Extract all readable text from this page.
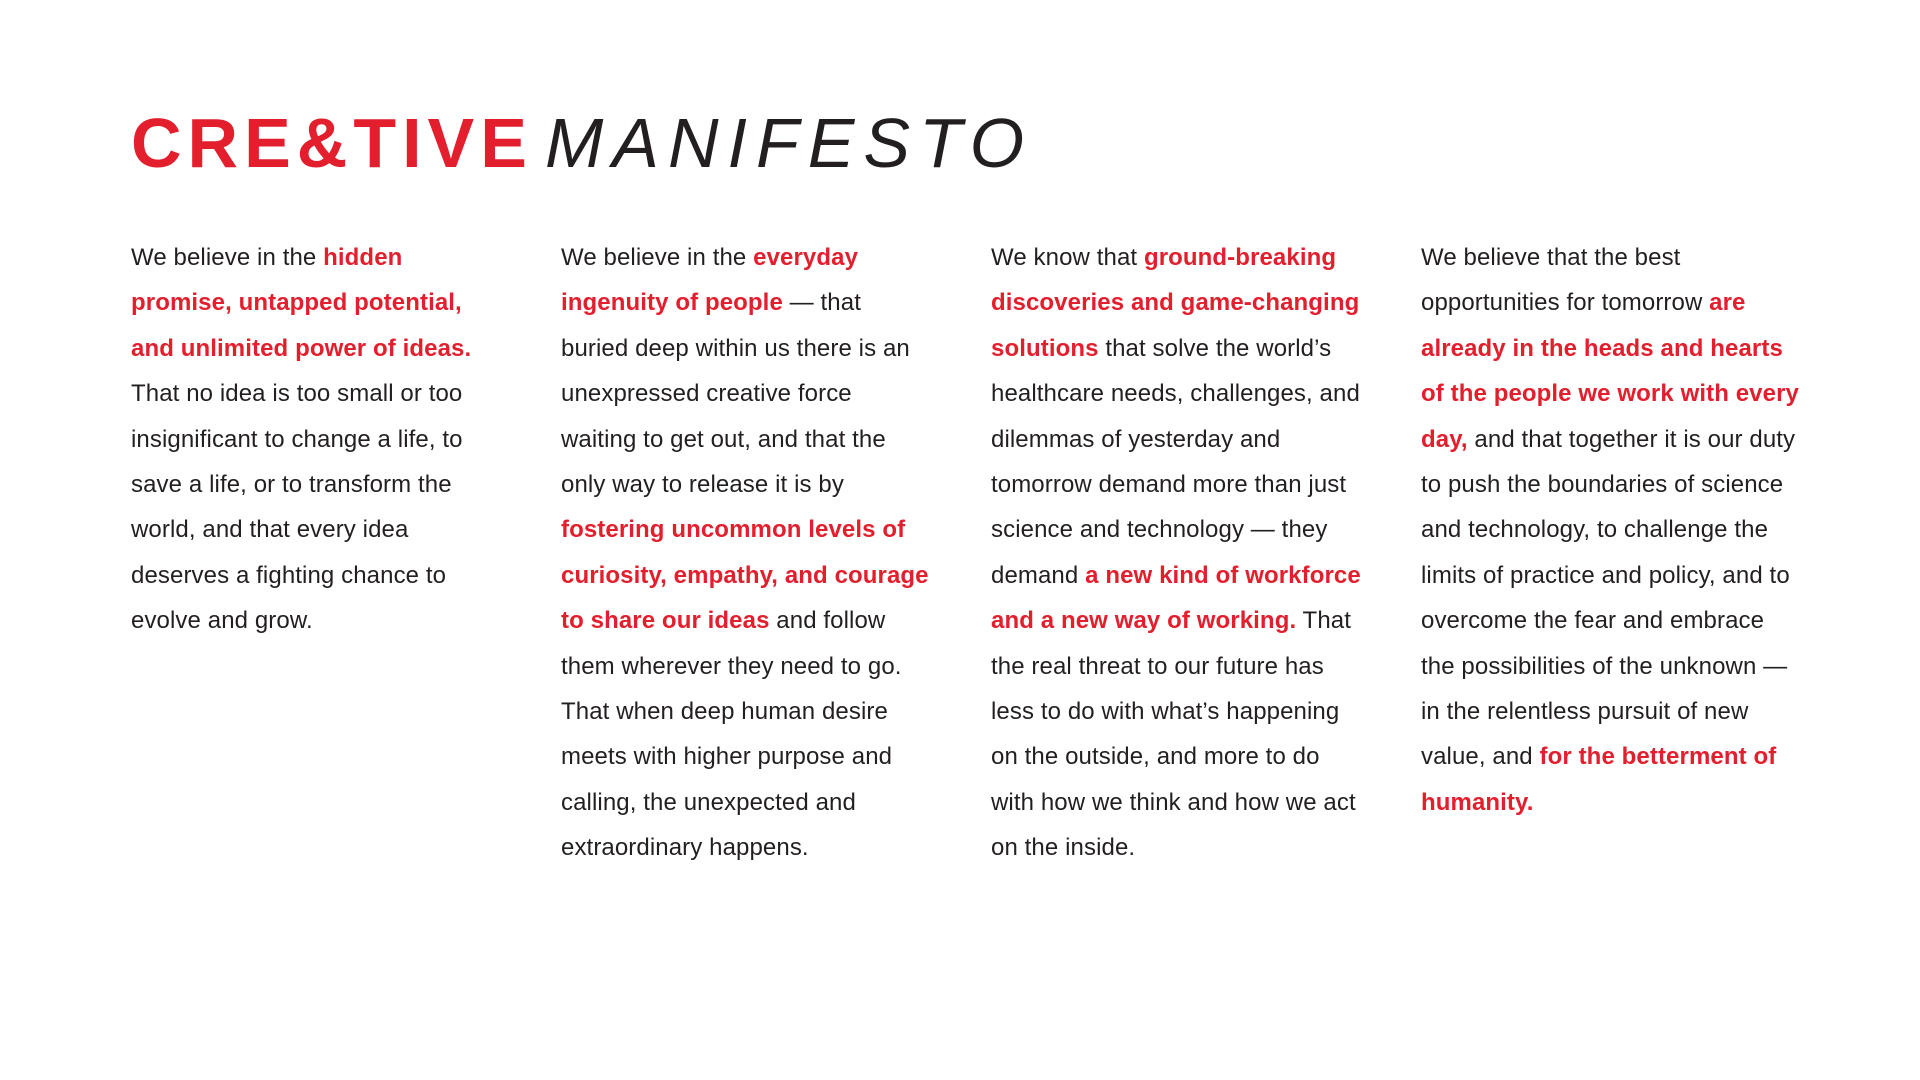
CRE&TIVE MANIFESTO
We believe in the hidden promise, untapped potential, and unlimited power of ideas. That no idea is too small or too insignificant to change a life, to save a life, or to transform the world, and that every idea deserves a fighting chance to evolve and grow.
We believe in the everyday ingenuity of people — that buried deep within us there is an unexpressed creative force waiting to get out, and that the only way to release it is by fostering uncommon levels of curiosity, empathy, and courage to share our ideas and follow them wherever they need to go. That when deep human desire meets with higher purpose and calling, the unexpected and extraordinary happens.
We know that ground-breaking discoveries and game-changing solutions that solve the world’s healthcare needs, challenges, and dilemmas of yesterday and tomorrow demand more than just science and technology — they demand a new kind of workforce and a new way of working. That the real threat to our future has less to do with what’s happening on the outside, and more to do with how we think and how we act on the inside.
We believe that the best opportunities for tomorrow are already in the heads and hearts of the people we work with every day, and that together it is our duty to push the boundaries of science and technology, to challenge the limits of practice and policy, and to overcome the fear and embrace the possibilities of the unknown — in the relentless pursuit of new value, and for the betterment of humanity.
